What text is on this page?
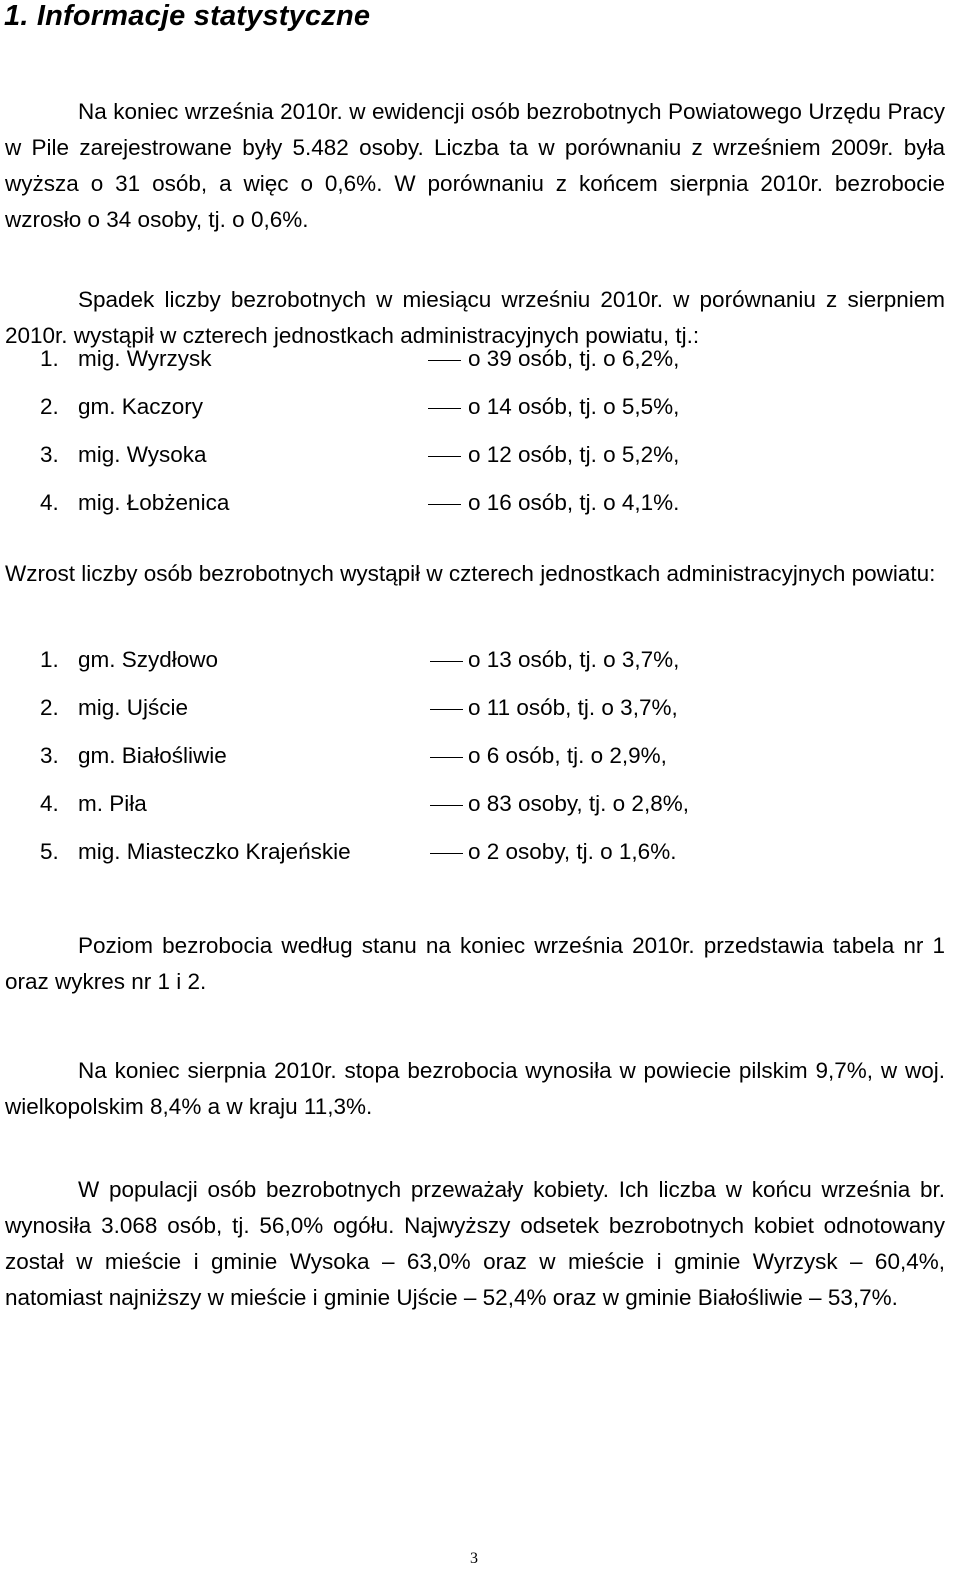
1. Informacje statystyczne

Na koniec września 2010r. w ewidencji osób bezrobotnych Powiatowego Urzędu Pracy w Pile zarejestrowane były 5.482 osoby. Liczba ta w porównaniu z wrześniem 2009r. była wyższa o 31 osób, a więc o 0,6%. W porównaniu z końcem sierpnia 2010r. bezrobocie wzrosło o 34 osoby, tj. o 0,6%.

Spadek liczby bezrobotnych w miesiącu wrześniu 2010r. w porównaniu z sierpniem 2010r. wystąpił w czterech jednostkach administracyjnych powiatu, tj.:

1. mig. Wyrzysk	o 39 osób, tj. o 6,2%,
2. gm. Kaczory	o 14 osób, tj. o 5,5%,
3. mig. Wysoka	o 12 osób, tj. o 5,2%,
4. mig. Łobżenica	o 16 osób, tj. o 4,1%.

Wzrost liczby osób bezrobotnych wystąpił w czterech jednostkach administracyjnych powiatu:

1. gm. Szydłowo	o 13 osób, tj. o 3,7%,
2. mig. Ujście	o 11 osób, tj. o 3,7%,
3. gm. Białośliwie	o 6 osób, tj. o 2,9%,
4. m. Piła	o 83 osoby, tj. o 2,8%,
5. mig. Miasteczko Krajeńskie	o 2 osoby, tj. o 1,6%.

Poziom bezrobocia według stanu na koniec września 2010r. przedstawia tabela nr 1 oraz wykres nr 1 i 2.

Na koniec sierpnia 2010r. stopa bezrobocia wynosiła w powiecie pilskim 9,7%, w woj. wielkopolskim 8,4% a w kraju 11,3%.

W populacji osób bezrobotnych przeważały kobiety. Ich liczba w końcu września br. wynosiła 3.068 osób, tj. 56,0% ogółu. Najwyższy odsetek bezrobotnych kobiet odnotowany został w mieście i gminie Wysoka – 63,0% oraz w mieście i gminie Wyrzysk – 60,4%, natomiast najniższy w mieście i gminie Ujście – 52,4% oraz w gminie Białośliwie – 53,7%.

3
